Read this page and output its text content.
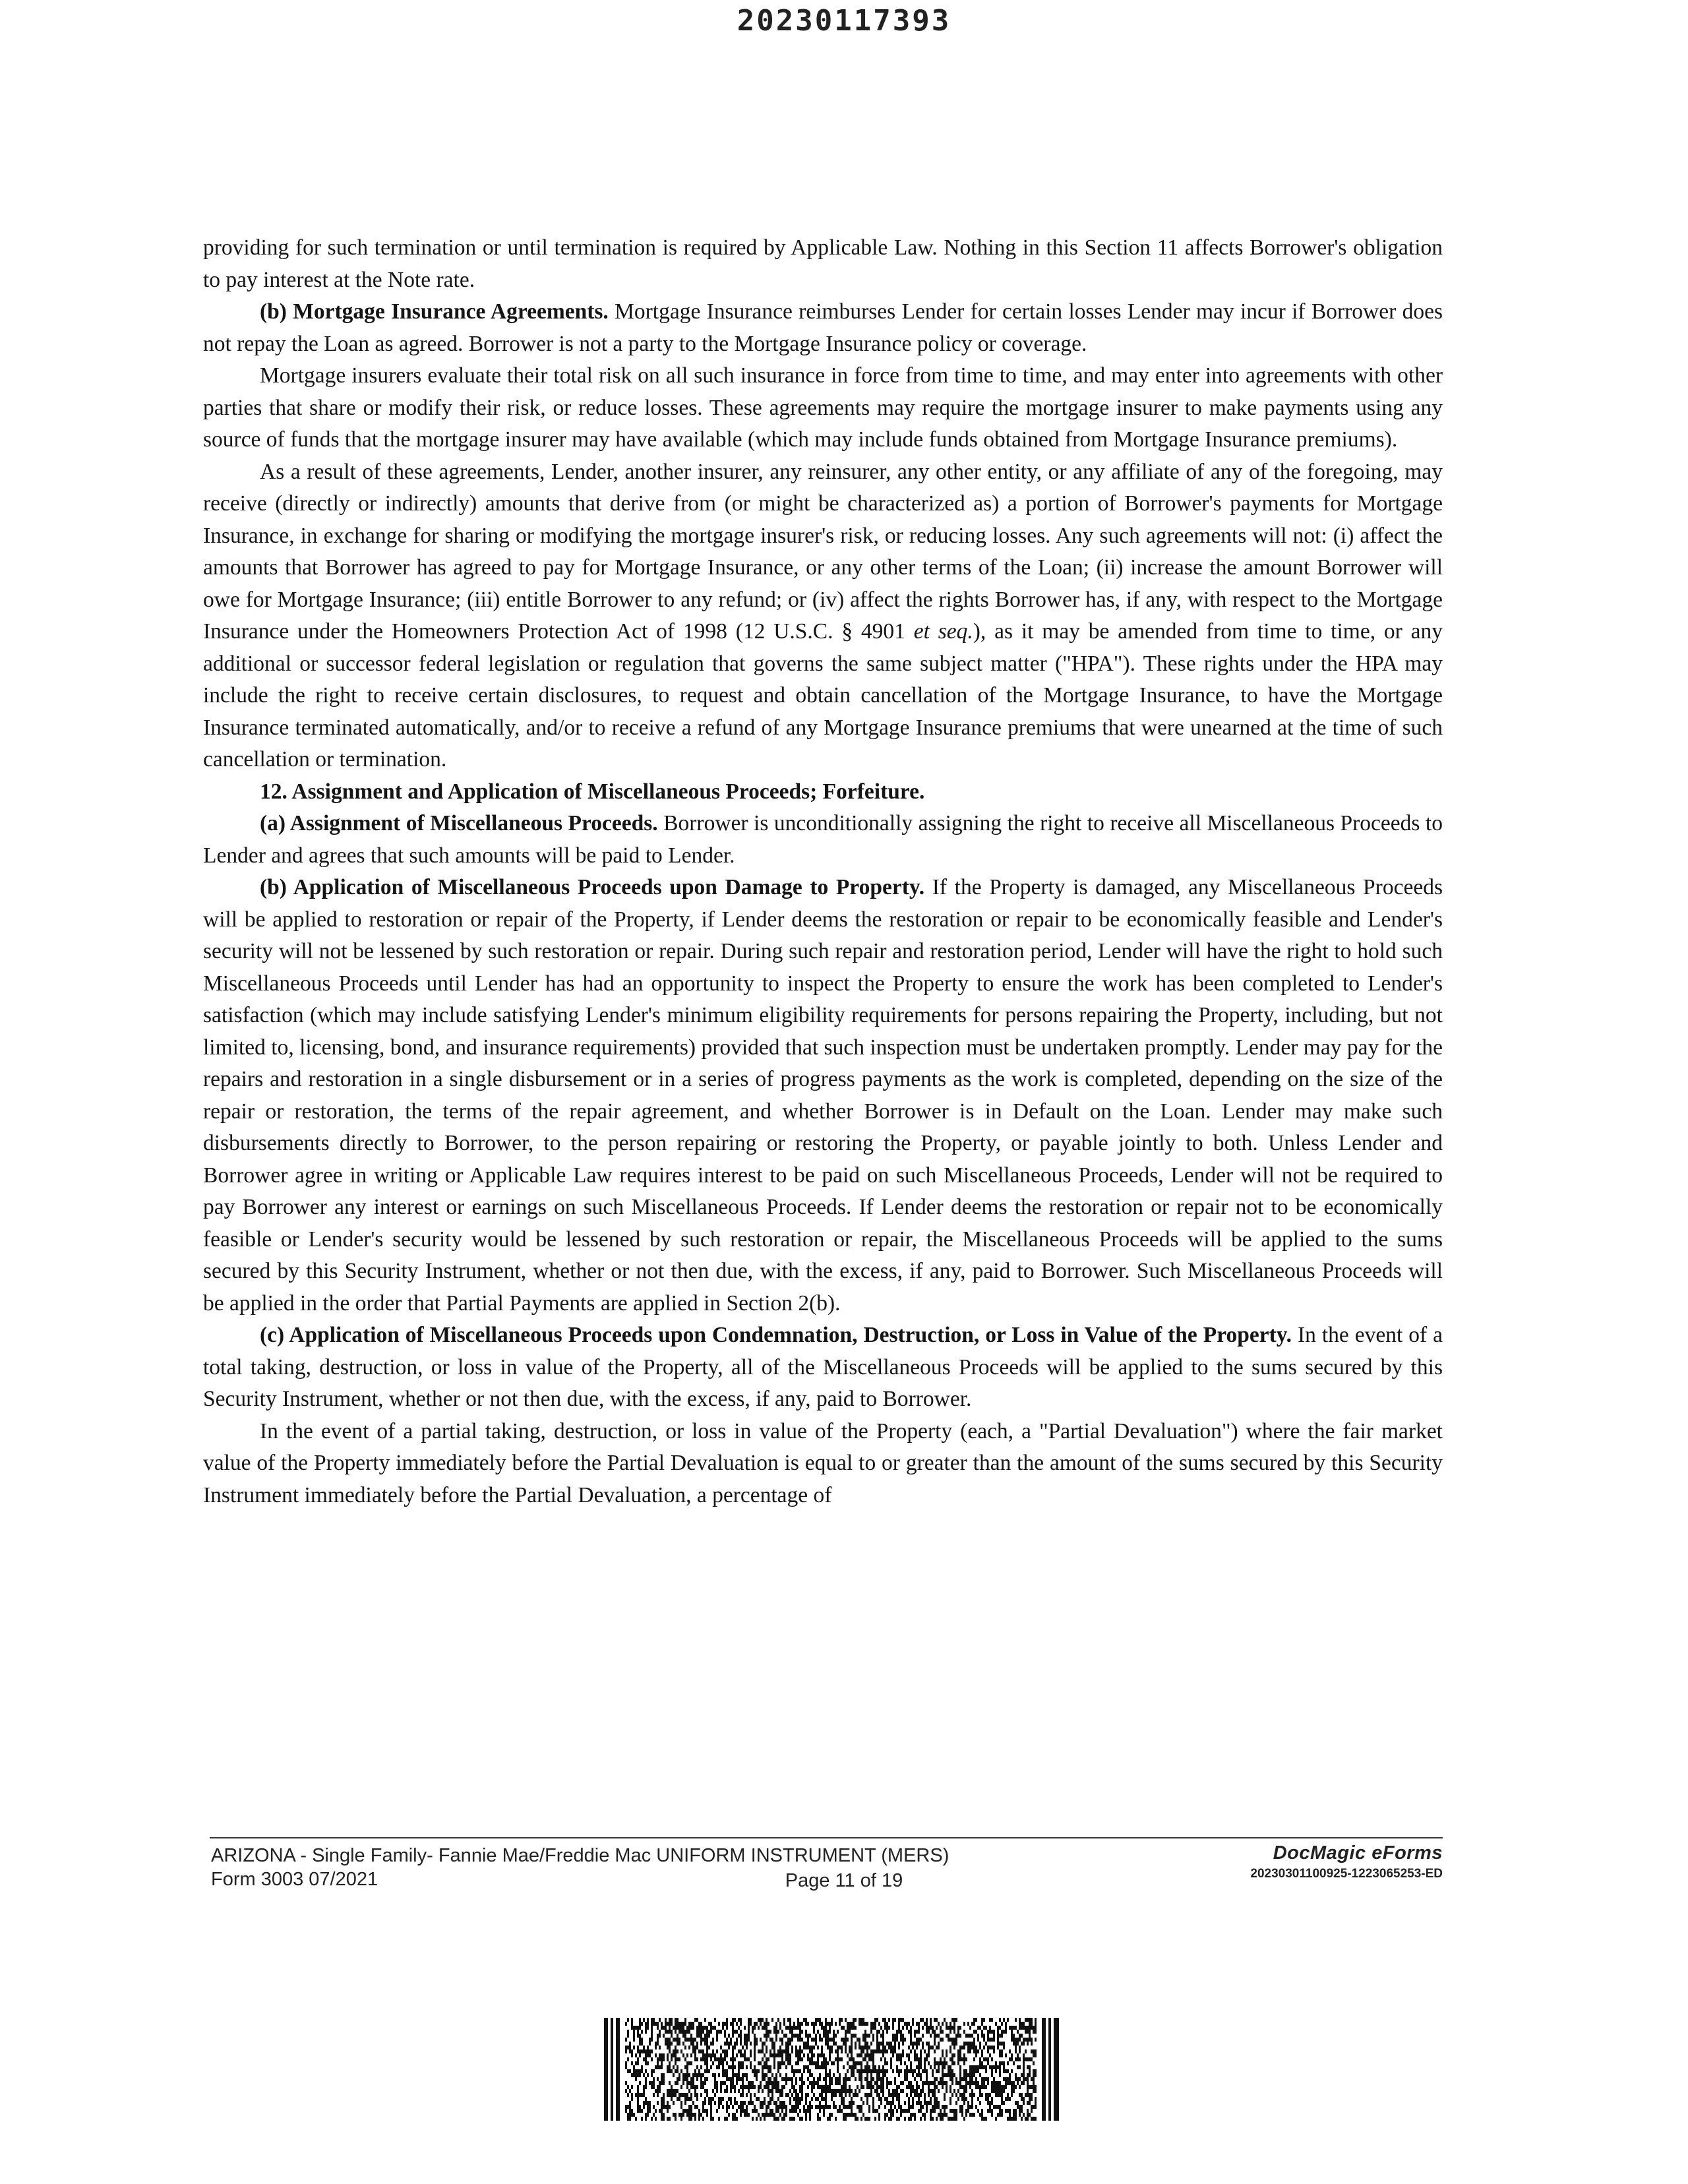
20230117393

providing for such termination or until termination is required by Applicable Law. Nothing in this Section 11 affects Borrower's obligation to pay interest at the Note rate.

(b) Mortgage Insurance Agreements. Mortgage Insurance reimburses Lender for certain losses Lender may incur if Borrower does not repay the Loan as agreed. Borrower is not a party to the Mortgage Insurance policy or coverage.

Mortgage insurers evaluate their total risk on all such insurance in force from time to time, and may enter into agreements with other parties that share or modify their risk, or reduce losses. These agreements may require the mortgage insurer to make payments using any source of funds that the mortgage insurer may have available (which may include funds obtained from Mortgage Insurance premiums).

As a result of these agreements, Lender, another insurer, any reinsurer, any other entity, or any affiliate of any of the foregoing, may receive (directly or indirectly) amounts that derive from (or might be characterized as) a portion of Borrower's payments for Mortgage Insurance, in exchange for sharing or modifying the mortgage insurer's risk, or reducing losses. Any such agreements will not: (i) affect the amounts that Borrower has agreed to pay for Mortgage Insurance, or any other terms of the Loan; (ii) increase the amount Borrower will owe for Mortgage Insurance; (iii) entitle Borrower to any refund; or (iv) affect the rights Borrower has, if any, with respect to the Mortgage Insurance under the Homeowners Protection Act of 1998 (12 U.S.C. § 4901 et seq.), as it may be amended from time to time, or any additional or successor federal legislation or regulation that governs the same subject matter ("HPA"). These rights under the HPA may include the right to receive certain disclosures, to request and obtain cancellation of the Mortgage Insurance, to have the Mortgage Insurance terminated automatically, and/or to receive a refund of any Mortgage Insurance premiums that were unearned at the time of such cancellation or termination.

12. Assignment and Application of Miscellaneous Proceeds; Forfeiture.

(a) Assignment of Miscellaneous Proceeds. Borrower is unconditionally assigning the right to receive all Miscellaneous Proceeds to Lender and agrees that such amounts will be paid to Lender.

(b) Application of Miscellaneous Proceeds upon Damage to Property. If the Property is damaged, any Miscellaneous Proceeds will be applied to restoration or repair of the Property, if Lender deems the restoration or repair to be economically feasible and Lender's security will not be lessened by such restoration or repair. During such repair and restoration period, Lender will have the right to hold such Miscellaneous Proceeds until Lender has had an opportunity to inspect the Property to ensure the work has been completed to Lender's satisfaction (which may include satisfying Lender's minimum eligibility requirements for persons repairing the Property, including, but not limited to, licensing, bond, and insurance requirements) provided that such inspection must be undertaken promptly. Lender may pay for the repairs and restoration in a single disbursement or in a series of progress payments as the work is completed, depending on the size of the repair or restoration, the terms of the repair agreement, and whether Borrower is in Default on the Loan. Lender may make such disbursements directly to Borrower, to the person repairing or restoring the Property, or payable jointly to both. Unless Lender and Borrower agree in writing or Applicable Law requires interest to be paid on such Miscellaneous Proceeds, Lender will not be required to pay Borrower any interest or earnings on such Miscellaneous Proceeds. If Lender deems the restoration or repair not to be economically feasible or Lender's security would be lessened by such restoration or repair, the Miscellaneous Proceeds will be applied to the sums secured by this Security Instrument, whether or not then due, with the excess, if any, paid to Borrower. Such Miscellaneous Proceeds will be applied in the order that Partial Payments are applied in Section 2(b).

(c) Application of Miscellaneous Proceeds upon Condemnation, Destruction, or Loss in Value of the Property. In the event of a total taking, destruction, or loss in value of the Property, all of the Miscellaneous Proceeds will be applied to the sums secured by this Security Instrument, whether or not then due, with the excess, if any, paid to Borrower.

In the event of a partial taking, destruction, or loss in value of the Property (each, a "Partial Devaluation") where the fair market value of the Property immediately before the Partial Devaluation is equal to or greater than the amount of the sums secured by this Security Instrument immediately before the Partial Devaluation, a percentage of

ARIZONA - Single Family- Fannie Mae/Freddie Mac UNIFORM INSTRUMENT (MERS)
Form 3003 07/2021	Page 11 of 19
DocMagic eForms
20230301100925-1223065253-ED
